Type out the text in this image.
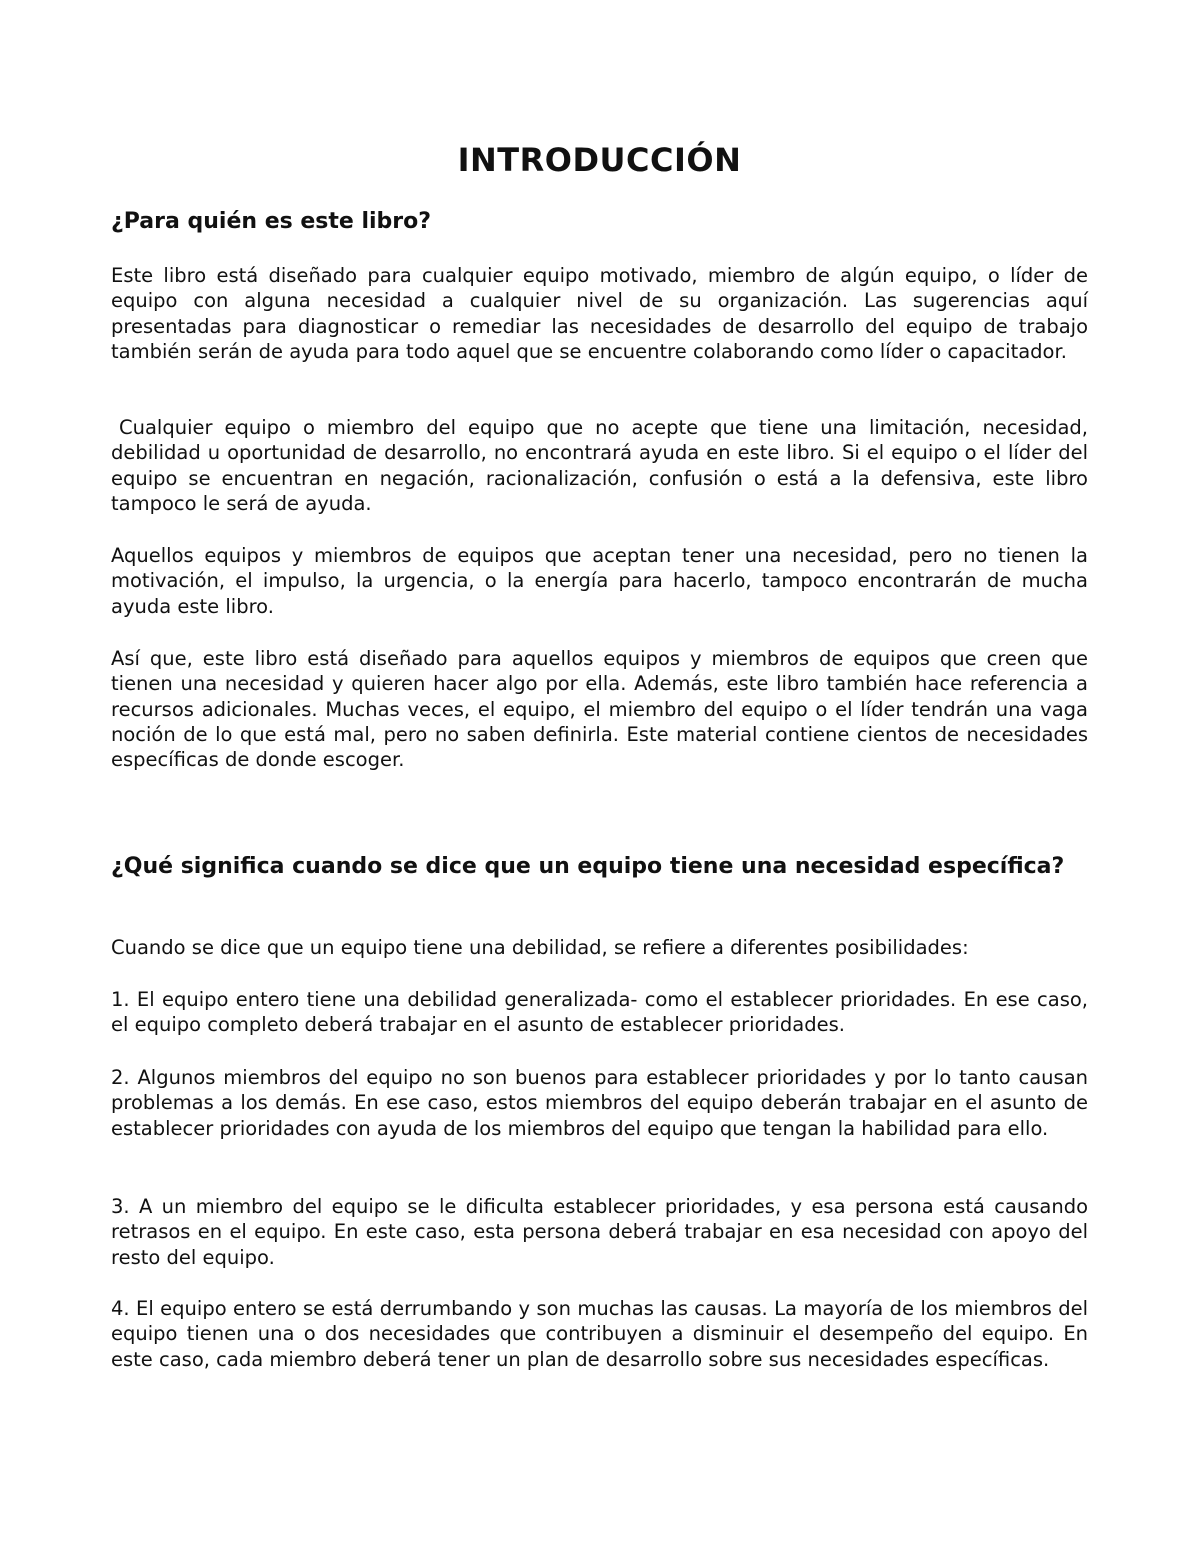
INTRODUCCIÓN
¿Para quién es este libro?

Este libro está diseñado para cualquier equipo motivado, miembro de algún equipo, o líder de equipo con alguna necesidad a cualquier nivel de su organización. Las sugerencias aquí presentadas para diagnosticar o remediar las necesidades de desarrollo del equipo de trabajo también serán de ayuda para todo aquel que se encuentre colaborando como líder o capacitador.

Cualquier equipo o miembro del equipo que no acepte que tiene una limitación, necesidad, debilidad u oportunidad de desarrollo, no encontrará ayuda en este libro. Si el equipo o el líder del equipo se encuentran en negación, racionalización, confusión o está a la defensiva, este libro tampoco le será de ayuda.

Aquellos equipos y miembros de equipos que aceptan tener una necesidad, pero no tienen la motivación, el impulso, la urgencia, o la energía para hacerlo, tampoco encontrarán de mucha ayuda este libro.

Así que, este libro está diseñado para aquellos equipos y miembros de equipos que creen que tienen una necesidad y quieren hacer algo por ella. Además, este libro también hace referencia a recursos adicionales. Muchas veces, el equipo, el miembro del equipo o el líder tendrán una vaga noción de lo que está mal, pero no saben definirla. Este material contiene cientos de necesidades específicas de donde escoger.

¿Qué significa cuando se dice que un equipo tiene una necesidad específica?

Cuando se dice que un equipo tiene una debilidad, se refiere a diferentes posibilidades:

1. El equipo entero tiene una debilidad generalizada- como el establecer prioridades. En ese caso, el equipo completo deberá trabajar en el asunto de establecer prioridades.

2. Algunos miembros del equipo no son buenos para establecer prioridades y por lo tanto causan problemas a los demás. En ese caso, estos miembros del equipo deberán trabajar en el asunto de establecer prioridades con ayuda de los miembros del equipo que tengan la habilidad para ello.

3. A un miembro del equipo se le dificulta establecer prioridades, y esa persona está causando retrasos en el equipo. En este caso, esta persona deberá trabajar en esa necesidad con apoyo del resto del equipo.

4. El equipo entero se está derrumbando y son muchas las causas. La mayoría de los miembros del equipo tienen una o dos necesidades que contribuyen a disminuir el desempeño del equipo. En este caso, cada miembro deberá tener un plan de desarrollo sobre sus necesidades específicas.
